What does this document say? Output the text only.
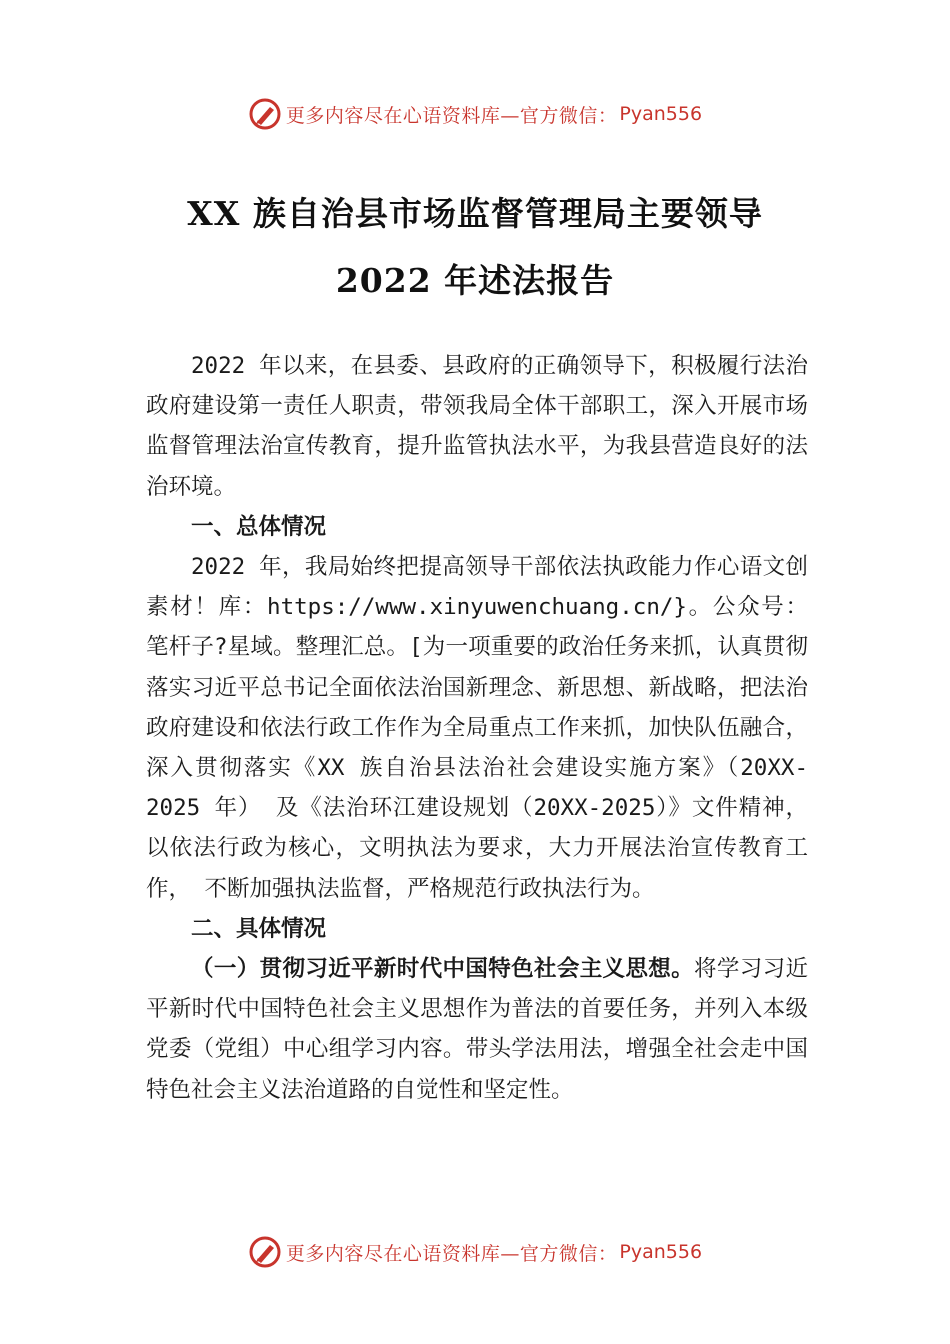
更多内容尽在心语资料库—官方微信： Pyan556
XX 族自治县市场监督管理局主要领导
2022 年述法报告

2022 年以来，在县委、县政府的正确领导下，积极履行法治政府建设第一责任人职责，带领我局全体干部职工，深入开展市场监督管理法治宣传教育，提升监管执法水平，为我县营造良好的法治环境。

一、总体情况

2022 年，我局始终把提高领导干部依法执政能力作心语文创素材！库：https://www.xinyuwenchuang.cn/}。公众号：笔杆子?星域。整理汇总。[为一项重要的政治任务来抓，认真贯彻落实习近平总书记全面依法治国新理念、新思想、新战略，把法治政府建设和依法行政工作作为全局重点工作来抓，加快队伍融合，深入贯彻落实《XX 族自治县法治社会建设实施方案》（20XX-2025 年） 及《法治环江建设规划（20XX-2025）》文件精神，以依法行政为核心，文明执法为要求，大力开展法治宣传教育工作， 不断加强执法监督，严格规范行政执法行为。

二、具体情况

（一）贯彻习近平新时代中国特色社会主义思想。将学习习近平新时代中国特色社会主义思想作为普法的首要任务，并列入本级党委（党组）中心组学习内容。带头学法用法，增强全社会走中国特色社会主义法治道路的自觉性和坚定性。

更多内容尽在心语资料库—官方微信： Pyan556
